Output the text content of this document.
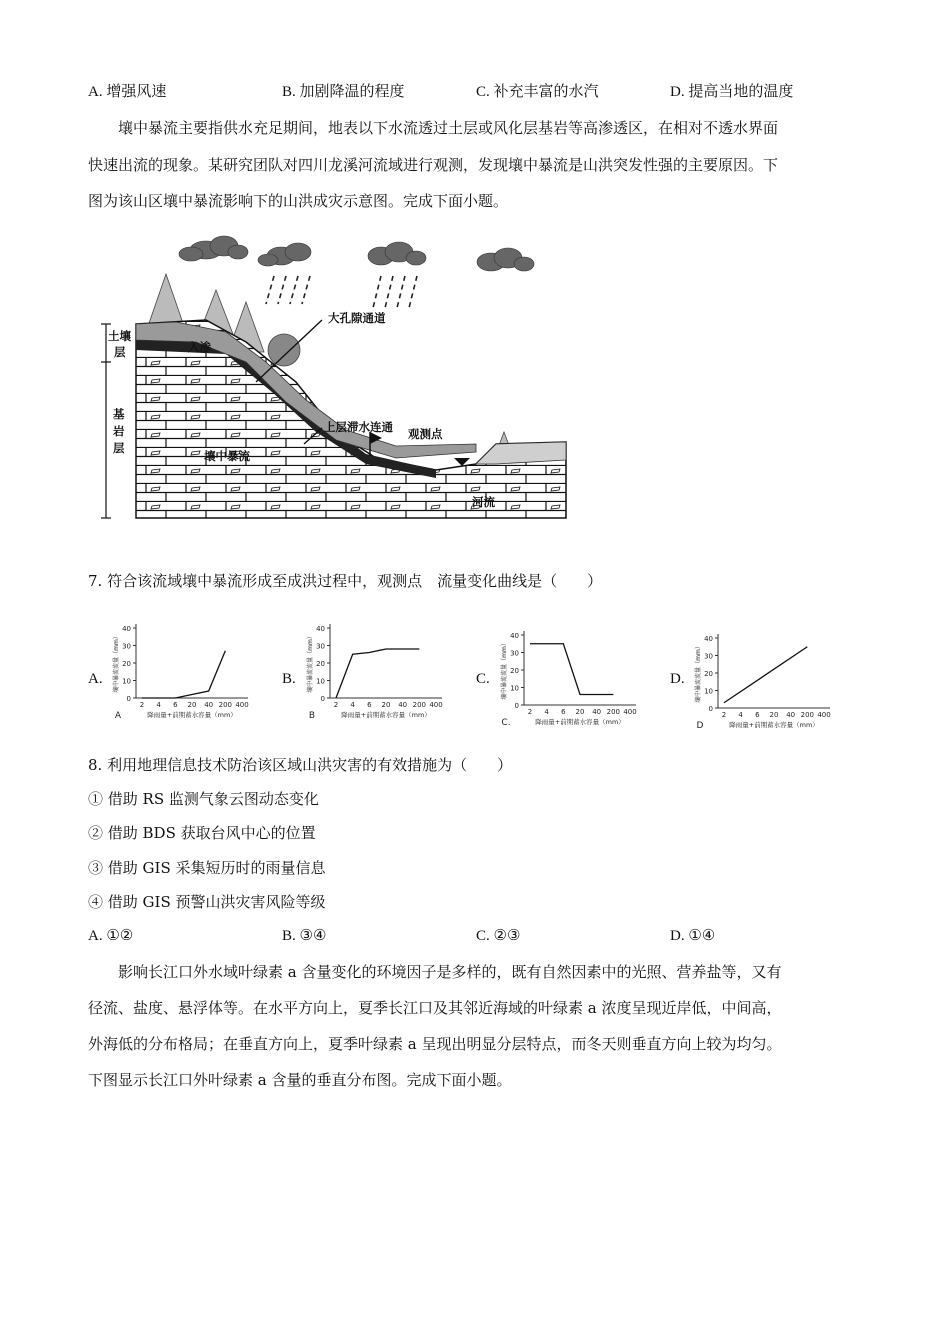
A. 增强风速	B. 加剧降温的程度	C. 补充丰富的水汽	D. 提高当地的温度
壤中暴流主要指供水充足期间，地表以下水流透过土层或风化层基岩等高渗透区，在相对不透水界面
快速出流的现象。某研究团队对四川龙溪河流域进行观测，发现壤中暴流是山洪突发性强的主要原因。下
图为该山区壤中暴流影响下的山洪成灾示意图。完成下面小题。
土壤
层
基
岩
层
入渗
大孔隙通道
上层滞水连通 观测点
壤中暴流
河流
7. 符合该流域壤中暴流形成至成洪过程中，观测点　流量变化曲线是（　　）
A.	B.	C.	D.
0
10
20
30
40
2 4 6 20 40 200 400
壤中暴流流量（mm）
降雨量+前期蓄水容量（mm）
A
0
10
20
30
40
2 4 6 20 40 200 400
壤中暴流流量（mm）
降雨量+前期蓄水容量（mm）
B
0
10
20
30
40
2 4 6 20 40 200 400
壤中暴流流量（mm）
降雨量+前期蓄水容量（mm）
C.
0
10
20
30
40
2 4 6 20 40 200 400
壤中暴流流量（mm）
降雨量+前期蓄水容量（mm）
D
8. 利用地理信息技术防治该区域山洪灾害的有效措施为（　　）
① 借助 RS 监测气象云图动态变化
② 借助 BDS 获取台风中心的位置
③ 借助 GIS 采集短历时的雨量信息
④ 借助 GIS 预警山洪灾害风险等级
A. ①②	B. ③④	C. ②③	D. ①④
影响长江口外水域叶绿素 a 含量变化的环境因子是多样的，既有自然因素中的光照、营养盐等，又有
径流、盐度、悬浮体等。在水平方向上，夏季长江口及其邻近海域的叶绿素 a 浓度呈现近岸低，中间高，
外海低的分布格局；在垂直方向上，夏季叶绿素 a 呈现出明显分层特点，而冬天则垂直方向上较为均匀。
下图显示长江口外叶绿素 a 含量的垂直分布图。完成下面小题。
